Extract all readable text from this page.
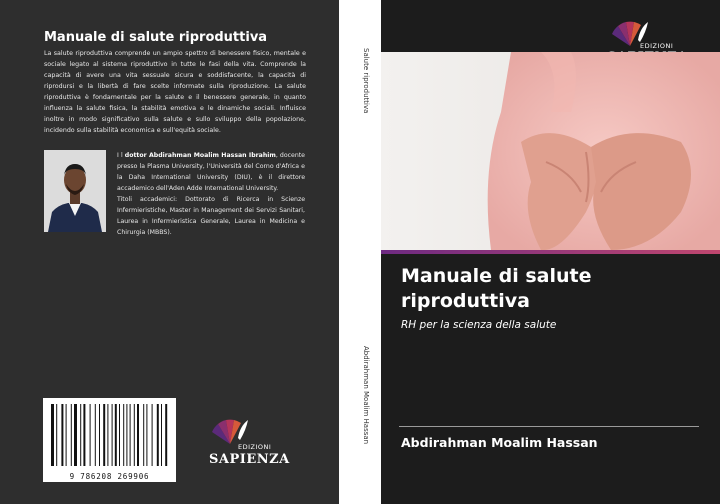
Manuale di salute riproduttiva

La salute riproduttiva comprende un ampio spettro di benessere fisico, mentale e sociale legato al sistema riproduttivo in tutte le fasi della vita. Comprende la capacità di avere una vita sessuale sicura e soddisfacente, la capacità di riprodursi e la libertà di fare scelte informate sulla riproduzione. La salute riproduttiva è fondamentale per la salute e il benessere generale, in quanto influenza la salute fisica, la stabilità emotiva e le dinamiche sociali. Influisce inoltre in modo significativo sulla salute e sullo sviluppo della popolazione, incidendo sulla stabilità economica e sull'equità sociale.

I l dottor Abdirahman Moalim Hassan Ibrahim, docente presso la Plasma University, l'Università del Corno d'Africa e la Daha International University (DIU), è il direttore accademico dell'Aden Adde International University.
Titoli accademici: Dottorato di Ricerca in Scienze Infermieristiche, Master in Management dei Servizi Sanitari, Laurea in Infermieristica Generale, Laurea in Medicina e Chirurgia (MBBS).

9 786208 269906
EDIZIONI
SAPIENZA
Salute riproduttiva
Abdirahman Moalim Hassan
EDIZIONI
Manuale di salute riproduttiva
RH per la scienza della salute
Abdirahman Moalim Hassan
